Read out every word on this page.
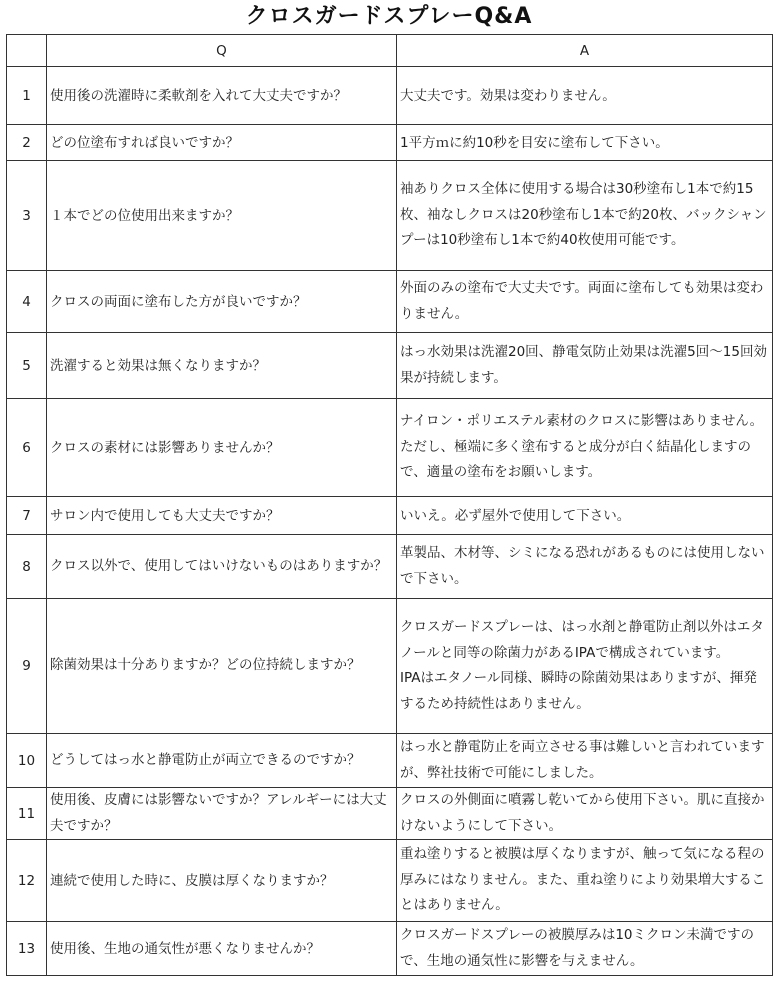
クロスガードスプレーQ&A
	Q	A
1	使用後の洗濯時に柔軟剤を入れて大丈夫ですか？	大丈夫です。効果は変わりません。
2	どの位塗布すれば良いですか？	1平方ｍに約10秒を目安に塗布して下さい。
3	１本でどの位使用出来ますか？	袖ありクロス全体に使用する場合は30秒塗布し1本で約15枚、袖なしクロスは20秒塗布し1本で約20枚、バックシャンプーは10秒塗布し1本で約40枚使用可能です。
4	クロスの両面に塗布した方が良いですか？	外面のみの塗布で大丈夫です。両面に塗布しても効果は変わりません。
5	洗濯すると効果は無くなりますか？	はっ水効果は洗濯20回、静電気防止効果は洗濯5回～15回効果が持続します。
6	クロスの素材には影響ありませんか？	ナイロン・ポリエステル素材のクロスに影響はありません。ただし、極端に多く塗布すると成分が白く結晶化しますので、適量の塗布をお願いします。
7	サロン内で使用しても大丈夫ですか？	いいえ。必ず屋外で使用して下さい。
8	クロス以外で、使用してはいけないものはありますか？	革製品、木材等、シミになる恐れがあるものには使用しないで下さい。
9	除菌効果は十分ありますか？どの位持続しますか？	クロスガードスプレーは、はっ水剤と静電防止剤以外はエタノールと同等の除菌力があるIPAで構成されています。
IPAはエタノール同様、瞬時の除菌効果はありますが、揮発するため持続性はありません。

10	どうしてはっ水と静電防止が両立できるのですか？	はっ水と静電防止を両立させる事は難しいと言われていますが、弊社技術で可能にしました。
11	使用後、皮膚には影響ないですか？アレルギーには大丈夫ですか？	クロスの外側面に噴霧し乾いてから使用下さい。肌に直接かけないようにして下さい。
12	連続で使用した時に、皮膜は厚くなりますか？	重ね塗りすると被膜は厚くなりますが、触って気になる程の厚みにはなりません。また、重ね塗りにより効果増大することはありません。
13	使用後、生地の通気性が悪くなりませんか？	クロスガードスプレーの被膜厚みは10ミクロン未満ですので、生地の通気性に影響を与えません。
